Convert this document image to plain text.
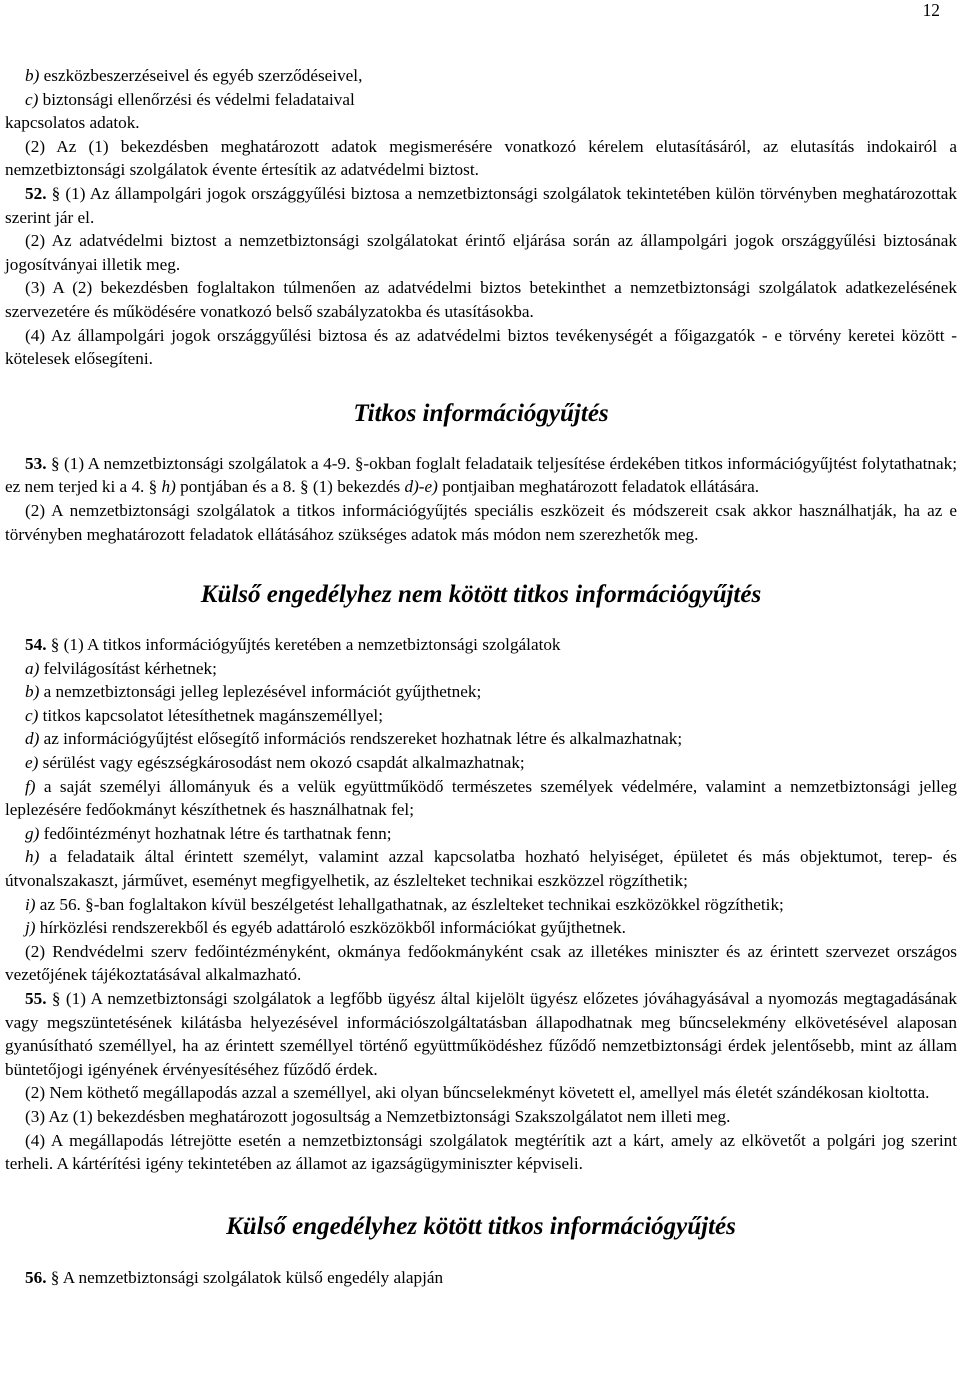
12

b) eszközbeszerzéseivel és egyéb szerződéseivel,

c) biztonsági ellenőrzési és védelmi feladataival

kapcsolatos adatok.

(2) Az (1) bekezdésben meghatározott adatok megismerésére vonatkozó kérelem elutasításáról, az elutasítás indokairól a nemzetbiztonsági szolgálatok évente értesítik az adatvédelmi biztost.

52. § (1) Az állampolgári jogok országgyűlési biztosa a nemzetbiztonsági szolgálatok tekintetében külön törvényben meghatározottak szerint jár el.

(2) Az adatvédelmi biztost a nemzetbiztonsági szolgálatokat érintő eljárása során az állampolgári jogok országgyűlési biztosának jogosítványai illetik meg.

(3) A (2) bekezdésben foglaltakon túlmenően az adatvédelmi biztos betekinthet a nemzetbiztonsági szolgálatok adatkezelésének szervezetére és működésére vonatkozó belső szabályzatokba és utasításokba.

(4) Az állampolgári jogok országgyűlési biztosa és az adatvédelmi biztos tevékenységét a főigazgatók - e törvény keretei között - kötelesek elősegíteni.

Titkos információgyűjtés

53. § (1) A nemzetbiztonsági szolgálatok a 4-9. §-okban foglalt feladataik teljesítése érdekében titkos információgyűjtést folytathatnak; ez nem terjed ki a 4. § h) pontjában és a 8. § (1) bekezdés d)-e) pontjaiban meghatározott feladatok ellátására.

(2) A nemzetbiztonsági szolgálatok a titkos információgyűjtés speciális eszközeit és módszereit csak akkor használhatják, ha az e törvényben meghatározott feladatok ellátásához szükséges adatok más módon nem szerezhetők meg.

Külső engedélyhez nem kötött titkos információgyűjtés

54. § (1) A titkos információgyűjtés keretében a nemzetbiztonsági szolgálatok

a) felvilágosítást kérhetnek;

b) a nemzetbiztonsági jelleg leplezésével információt gyűjthetnek;

c) titkos kapcsolatot létesíthetnek magánszeméllyel;

d) az információgyűjtést elősegítő információs rendszereket hozhatnak létre és alkalmazhatnak;

e) sérülést vagy egészségkárosodást nem okozó csapdát alkalmazhatnak;

f) a saját személyi állományuk és a velük együttműködő természetes személyek védelmére, valamint a nemzetbiztonsági jelleg leplezésére fedőokmányt készíthetnek és használhatnak fel;

g) fedőintézményt hozhatnak létre és tarthatnak fenn;

h) a feladataik által érintett személyt, valamint azzal kapcsolatba hozható helyiséget, épületet és más objektumot, terep- és útvonalszakaszt, járművet, eseményt megfigyelhetik, az észlelteket technikai eszközzel rögzíthetik;

i) az 56. §-ban foglaltakon kívül beszélgetést lehallgathatnak, az észlelteket technikai eszközökkel rögzíthetik;

j) hírközlési rendszerekből és egyéb adattároló eszközökből információkat gyűjthetnek.

(2) Rendvédelmi szerv fedőintézményként, okmánya fedőokmányként csak az illetékes miniszter és az érintett szervezet országos vezetőjének tájékoztatásával alkalmazható.

55. § (1) A nemzetbiztonsági szolgálatok a legfőbb ügyész által kijelölt ügyész előzetes jóváhagyásával a nyomozás megtagadásának vagy megszüntetésének kilátásba helyezésével információszolgáltatásban állapodhatnak meg bűncselekmény elkövetésével alaposan gyanúsítható személlyel, ha az érintett személlyel történő együttműködéshez fűződő nemzetbiztonsági érdek jelentősebb, mint az állam büntetőjogi igényének érvényesítéséhez fűződő érdek.

(2) Nem köthető megállapodás azzal a személlyel, aki olyan bűncselekményt követett el, amellyel más életét szándékosan kioltotta.

(3) Az (1) bekezdésben meghatározott jogosultság a Nemzetbiztonsági Szakszolgálatot nem illeti meg.

(4) A megállapodás létrejötte esetén a nemzetbiztonsági szolgálatok megtérítik azt a kárt, amely az elkövetőt a polgári jog szerint terheli. A kártérítési igény tekintetében az államot az igazságügyminiszter képviseli.

Külső engedélyhez kötött titkos információgyűjtés

56. § A nemzetbiztonsági szolgálatok külső engedély alapján
